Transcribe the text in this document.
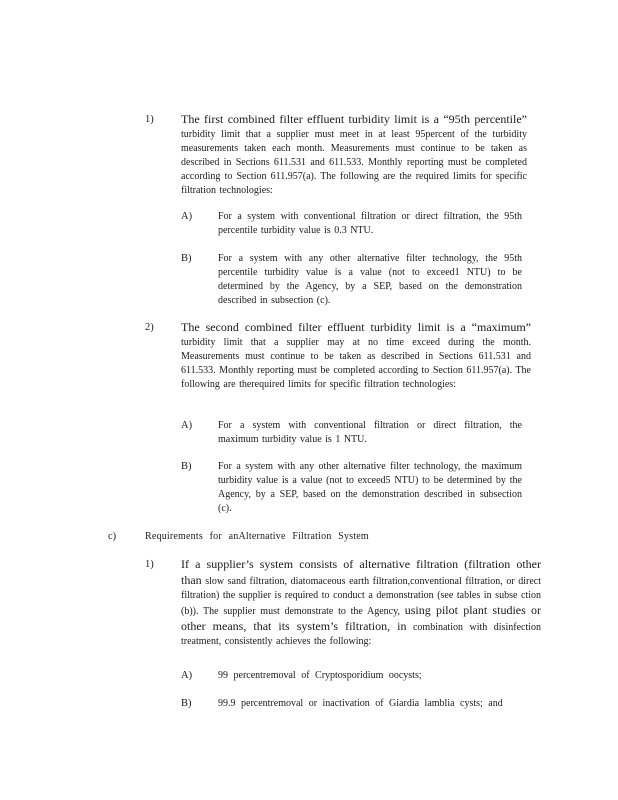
1) The first combined filter effluent turbidity limit is a “95th percentile” turbidity limit that a supplier must meet in at least 95percent of the turbidity measurements taken each month. Measurements must continue to be taken as described in Sections 611.531 and 611.533. Monthly reporting must be completed according to Section 611.957(a). The following are the required limits for specific filtration technologies:
A)	For a system with conventional filtration or direct filtration, the 95th percentile turbidity value is 0.3 NTU.
B)	For a system with any other alternative filter technology, the 95th percentile turbidity value is a value (not to exceed1 NTU) to be determined by the Agency, by a SEP, based on the demonstration described in subsection (c).
2) The second combined filter effluent turbidity limit is a “maximum” turbidity limit that a supplier may at no time exceed during the month. Measurements must continue to be taken as described in Sections 611.531 and 611.533. Monthly reporting must be completed according to Section 611.957(a). The following are therequired limits for specific filtration technologies:
A)	For a system with conventional filtration or direct filtration, the maximum turbidity value is 1 NTU.
B)	For a system with any other alternative filter technology, the maximum turbidity value is a value (not to exceed5 NTU) to be determined by the Agency, by a SEP, based on the demonstration described in subsection (c).
c)	Requirements for anAlternative Filtration System
1) If a supplier’s system consists of alternative filtration (filtration other than slow sand filtration, diatomaceous earth filtration,conventional filtration, or direct filtration) the supplier is required to conduct a demonstration (see tables in subse ction (b)). The supplier must demonstrate to the Agency, using pilot plant studies or other means, that its system’s filtration, in combination with disinfection treatment, consistently achieves the following:
A)	99 percentremoval of Cryptosporidium oocysts;
B)	99.9 percentremoval or inactivation of Giardia lamblia cysts; and
